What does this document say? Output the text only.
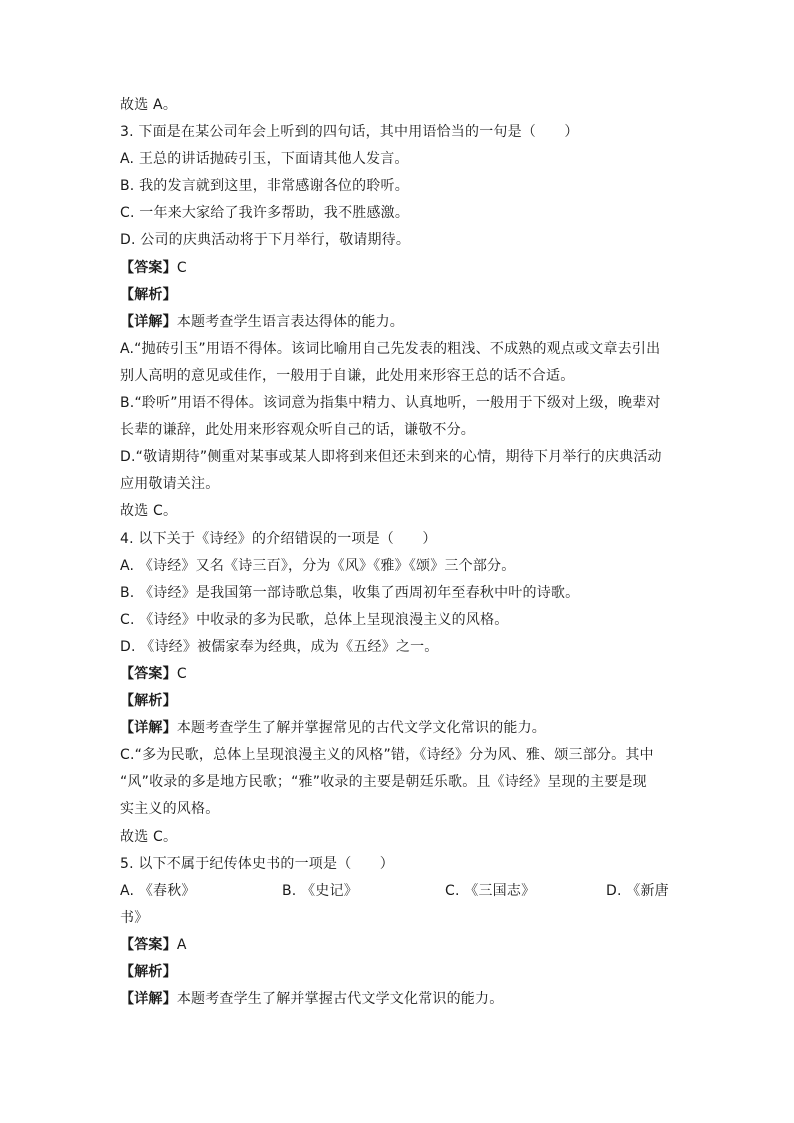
故选 A。
3. 下面是在某公司年会上听到的四句话，其中用语恰当的一句是（　　）
A. 王总的讲话抛砖引玉，下面请其他人发言。
B. 我的发言就到这里，非常感谢各位的聆听。
C. 一年来大家给了我许多帮助，我不胜感激。
D. 公司的庆典活动将于下月举行，敬请期待。
【答案】C
【解析】
【详解】本题考查学生语言表达得体的能力。
A.“抛砖引玉”用语不得体。该词比喻用自己先发表的粗浅、不成熟的观点或文章去引出
别人高明的意见或佳作，一般用于自谦，此处用来形容王总的话不合适。
B.“聆听”用语不得体。该词意为指集中精力、认真地听，一般用于下级对上级，晚辈对
长辈的谦辞，此处用来形容观众听自己的话，谦敬不分。
D.“敬请期待”侧重对某事或某人即将到来但还未到来的心情，期待下月举行的庆典活动
应用敬请关注。
故选 C。
4. 以下关于《诗经》的介绍错误的一项是（　　）
A. 《诗经》又名《诗三百》，分为《风》《雅》《颂》三个部分。
B. 《诗经》是我国第一部诗歌总集，收集了西周初年至春秋中叶的诗歌。
C. 《诗经》中收录的多为民歌，总体上呈现浪漫主义的风格。
D. 《诗经》被儒家奉为经典，成为《五经》之一。
【答案】C
【解析】
【详解】本题考查学生了解并掌握常见的古代文学文化常识的能力。
C.“多为民歌，总体上呈现浪漫主义的风格”错，《诗经》分为风、雅、颂三部分。其中
“风”收录的多是地方民歌；“雅”收录的主要是朝廷乐歌。且《诗经》呈现的主要是现
实主义的风格。
故选 C。
5. 以下不属于纪传体史书的一项是（　　）
A. 《春秋》	B. 《史记》	C. 《三国志》	D. 《新唐
书》
【答案】A
【解析】
【详解】本题考查学生了解并掌握古代文学文化常识的能力。
